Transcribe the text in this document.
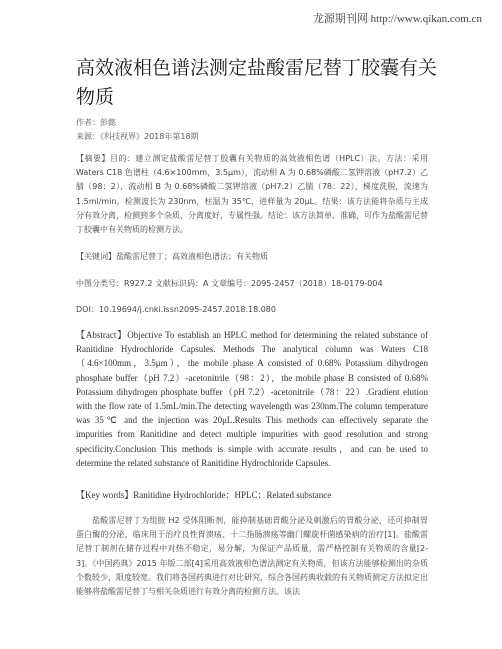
龙源期刊网 http://www.qikan.com.cn
高效液相色谱法测定盐酸雷尼替丁胶囊有关物质
作者：彭懿
来源：《科技视界》2018年第18期

【摘要】目的：建立测定盐酸雷尼替丁胶囊有关物质的高效液相色谱（HPLC）法。方法：采用 Waters C18 色谱柱（4.6×100mm，3.5μm），流动相 A 为 0.68%磷酸二氢钾溶液（pH7.2）乙腈（98：2），流动相 B 为 0.68%磷酸二氢钾溶液（pH7.2）乙腈（78：22），梯度洗脱，流速为 1.5ml/min，检测波长为 230nm，柱温为 35℃，进样量为 20μL。结果：该方法能将杂质与主成分有效分离，检测到多个杂质，分离度好，专属性强。结论：该方法简单、准确，可作为盐酸雷尼替丁胶囊中有关物质的检测方法。

【关键词】盐酸雷尼替丁；高效液相色谱法；有关物质

中图分类号：R927.2 文献标识码：A 文章编号：2095-2457（2018）18-0179-004

DOI：10.19694/j.cnki.issn2095-2457.2018.18.080

【Abstract】Objective To establish an HPLC method for determining the related substance of Ranitidine Hydrochloride Capsules. Methods The analytical column was Waters C18（4.6×100mm，3.5μm），the mobile phase A consisted of 0.68% Potassium dihydrogen phosphate buffer（pH 7.2）-acetonitrile（98：2），the mobile phase B consisted of 0.68% Potassium dihydrogen phosphate buffer（pH 7.2）-acetonitrile（78：22）.Gradient elution with the flow rate of 1.5mL/min.The detecting wavelength was 230nm.The column temperature was 35℃ and the injection was 20μL.Results This methods can effectively separate the impurities from Ranitidine and detect multiple impurities with good resolution and strong specificity.Conclusion This methods is simple with accurate results，and can be used to determine the related substance of Ranitidine Hydrochloride Capsules.

【Key words】Ranitidine Hydrochloride；HPLC；Related substance

盐酸雷尼替丁为组胺 H2 受体阻断剂，能抑制基础胃酸分泌及刺激后的胃酸分泌，还可抑制胃蛋白酶的分泌，临床用于治疗良性胃溃疡、十二指肠溃疡等幽门螺旋杆菌感染病的治疗[1]。盐酸雷尼替丁制剂在储存过程中对热不稳定，易分解，为保证产品质量，需严格控制有关物质的含量[2-3]。《中国药典》2015 年版二部[4]采用高效液相色谱法测定有关物质，但该方法能够检测出的杂质个数较少，限度较宽。我们将各国药典进行对比研究，综合各国药典收载的有关物质测定方法拟定出能够将盐酸雷尼替丁与相关杂质进行有效分离的检测方法。该法
